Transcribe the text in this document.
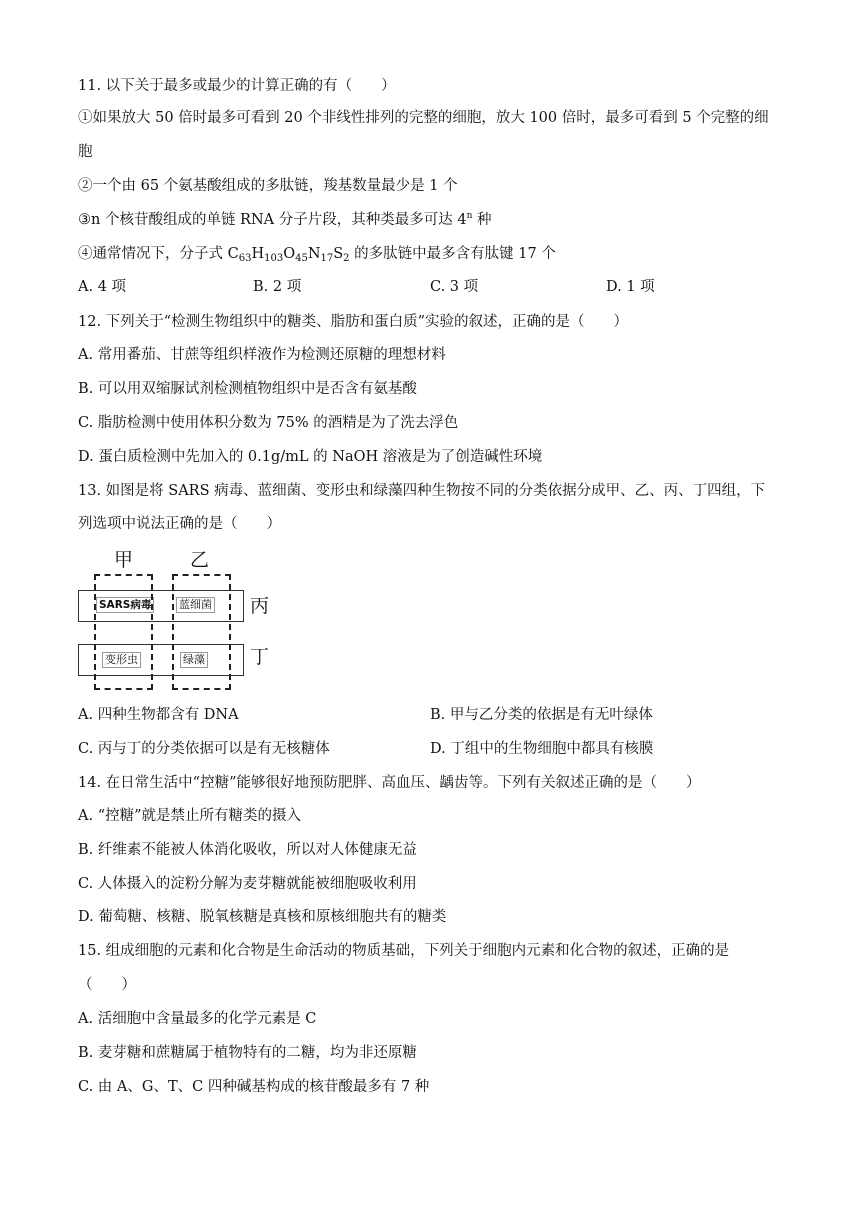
11. 以下关于最多或最少的计算正确的有（　　）
①如果放大 50 倍时最多可看到 20 个非线性排列的完整的细胞，放大 100 倍时，最多可看到 5 个完整的细
胞
②一个由 65 个氨基酸组成的多肽链，羧基数量最少是 1 个
③n 个核苷酸组成的单链 RNA 分子片段，其种类最多可达 4$^n$ 种
④通常情况下，分子式 $C_{63}H_{103}O_{45}N_{17}S_2$ 的多肽链中最多含有肽键 17 个
A. 4 项	B. 2 项	C. 3 项	D. 1 项
12. 下列关于“检测生物组织中的糖类、脂肪和蛋白质”实验的叙述，正确的是（　　）
A. 常用番茄、甘蔗等组织样液作为检测还原糖的理想材料
B. 可以用双缩脲试剂检测植物组织中是否含有氨基酸
C. 脂肪检测中使用体积分数为 75% 的酒精是为了洗去浮色
D. 蛋白质检测中先加入的 0.1g/mL 的 NaOH 溶液是为了创造碱性环境
13. 如图是将 SARS 病毒、蓝细菌、变形虫和绿藻四种生物按不同的分类依据分成甲、乙、丙、丁四组，下
列选项中说法正确的是（　　）
甲	乙
SARS病毒	蓝细菌
变形虫	绿藻
丙
丁
A. 四种生物都含有 DNA	B. 甲与乙分类的依据是有无叶绿体
C. 丙与丁的分类依据可以是有无核糖体	D. 丁组中的生物细胞中都具有核膜
14. 在日常生活中“控糖”能够很好地预防肥胖、高血压、龋齿等。下列有关叙述正确的是（　　）
A. “控糖”就是禁止所有糖类的摄入
B. 纤维素不能被人体消化吸收，所以对人体健康无益
C. 人体摄入的淀粉分解为麦芽糖就能被细胞吸收利用
D. 葡萄糖、核糖、脱氧核糖是真核和原核细胞共有的糖类
15. 组成细胞的元素和化合物是生命活动的物质基础，下列关于细胞内元素和化合物的叙述，正确的是
（　　）
A. 活细胞中含量最多的化学元素是 C
B. 麦芽糖和蔗糖属于植物特有的二糖，均为非还原糖
C. 由 A、G、T、C 四种碱基构成的核苷酸最多有 7 种
